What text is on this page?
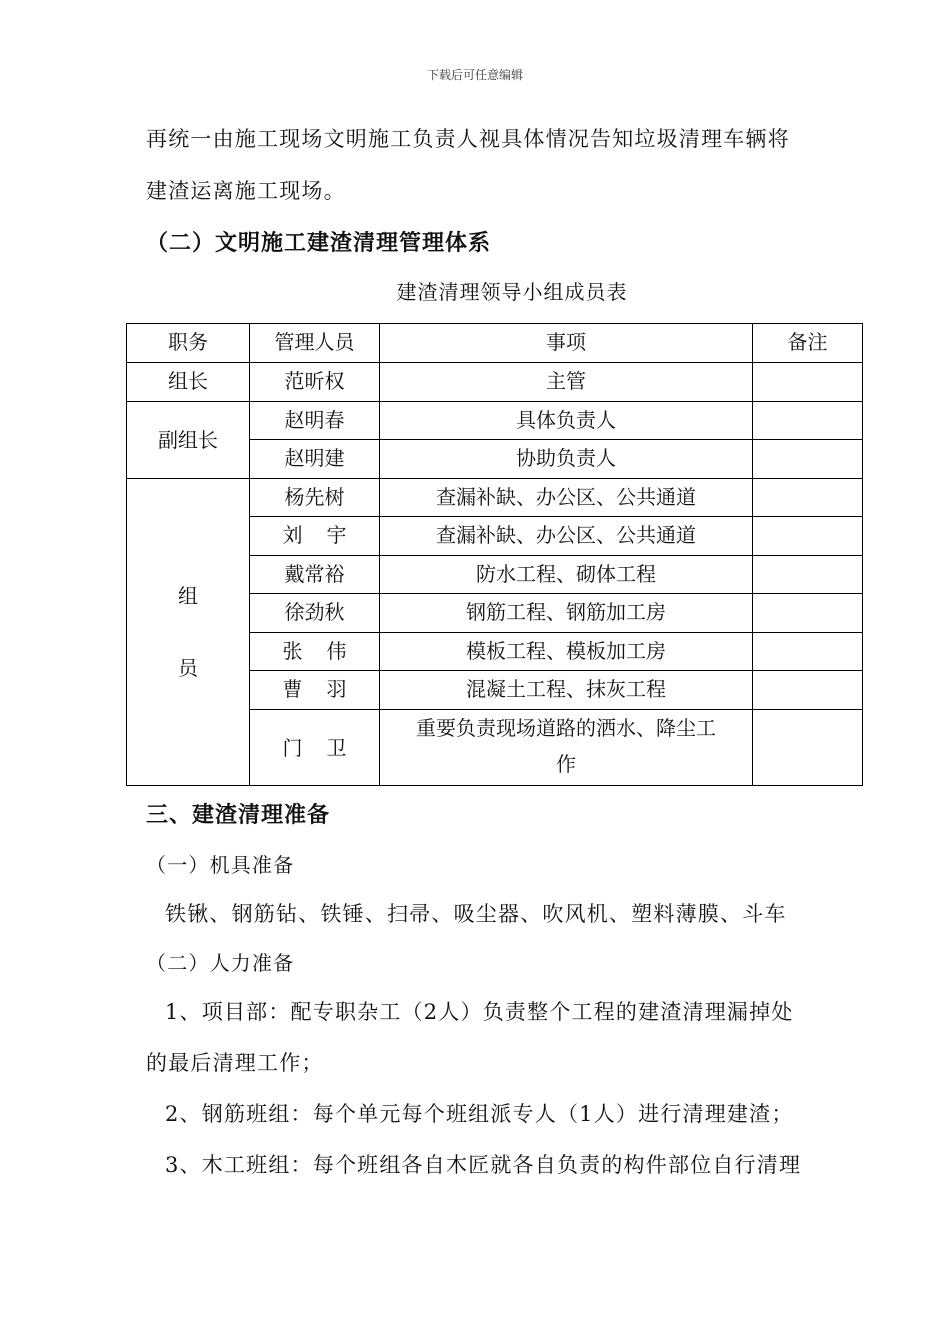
下载后可任意编辑
再统一由施工现场文明施工负责人视具体情况告知垃圾清理车辆将
建渣运离施工现场。
（二）文明施工建渣清理管理体系
建渣清理领导小组成员表
职务	管理人员	事项	备注
组长	范昕权	主管	
副组长	赵明春	具体负责人	
	赵明建	协助负责人	

组
员	杨先树	查漏补缺、办公区、公共通道	
	刘宇	查漏补缺、办公区、公共通道	
	戴常裕	防水工程、砌体工程	
	徐劲秋	钢筋工程、钢筋加工房	
	张伟	模板工程、模板加工房	
	曹羽	混凝土工程、抹灰工程	
	门卫	重要负责现场道路的洒水、降尘工
作	

三、建渣清理准备
（一）机具准备
铁锹、钢筋钻、铁锤、扫帚、吸尘器、吹风机、塑料薄膜、斗车
（二）人力准备
1、项目部：配专职杂工（2人）负责整个工程的建渣清理漏掉处
的最后清理工作；
2、钢筋班组：每个单元每个班组派专人（1人）进行清理建渣；
3、木工班组：每个班组各自木匠就各自负责的构件部位自行清理
